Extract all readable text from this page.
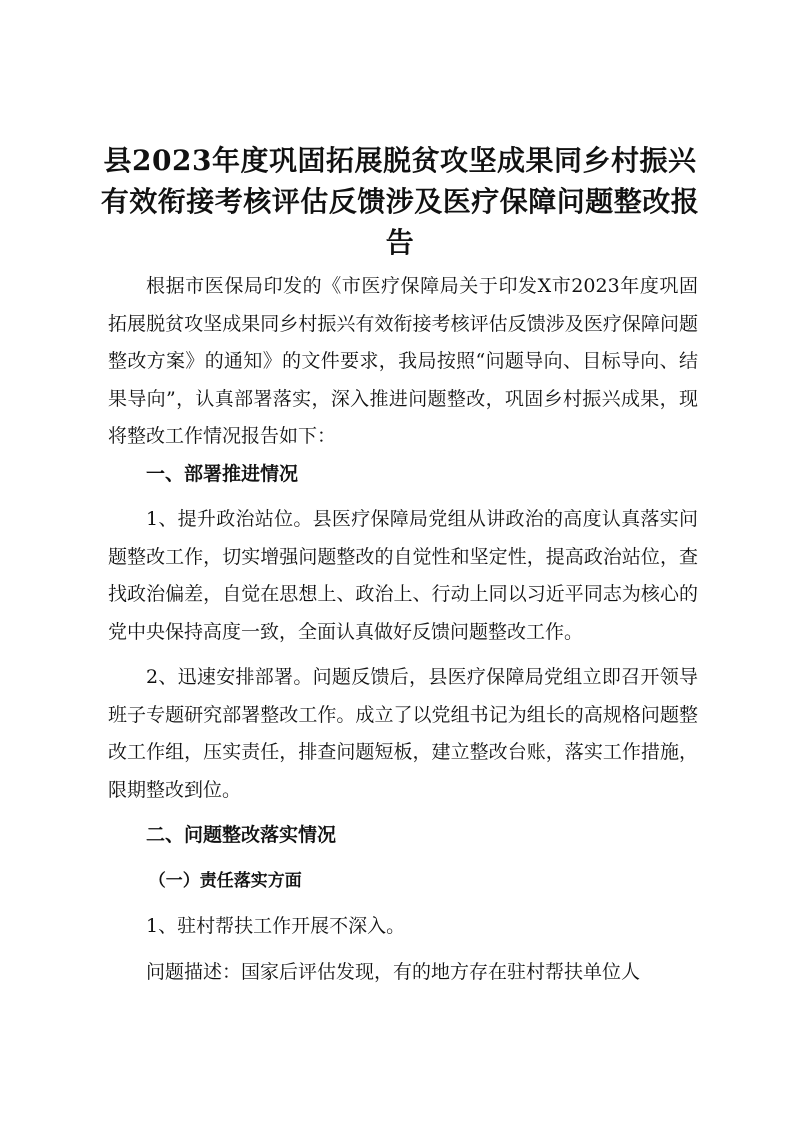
县2023年度巩固拓展脱贫攻坚成果同乡村振兴有效衔接考核评估反馈涉及医疗保障问题整改报告

根据市医保局印发的《市医疗保障局关于印发X市2023年度巩固拓展脱贫攻坚成果同乡村振兴有效衔接考核评估反馈涉及医疗保障问题整改方案》的通知》的文件要求，我局按照“问题导向、目标导向、结果导向”，认真部署落实，深入推进问题整改，巩固乡村振兴成果，现将整改工作情况报告如下：

一、部署推进情况

1、提升政治站位。县医疗保障局党组从讲政治的高度认真落实问题整改工作，切实增强问题整改的自觉性和坚定性，提高政治站位，查找政治偏差，自觉在思想上、政治上、行动上同以习近平同志为核心的党中央保持高度一致，全面认真做好反馈问题整改工作。

2、迅速安排部署。问题反馈后，县医疗保障局党组立即召开领导班子专题研究部署整改工作。成立了以党组书记为组长的高规格问题整改工作组，压实责任，排查问题短板，建立整改台账，落实工作措施，限期整改到位。

二、问题整改落实情况

（一）责任落实方面

1、驻村帮扶工作开展不深入。

问题描述：国家后评估发现，有的地方存在驻村帮扶单位人
